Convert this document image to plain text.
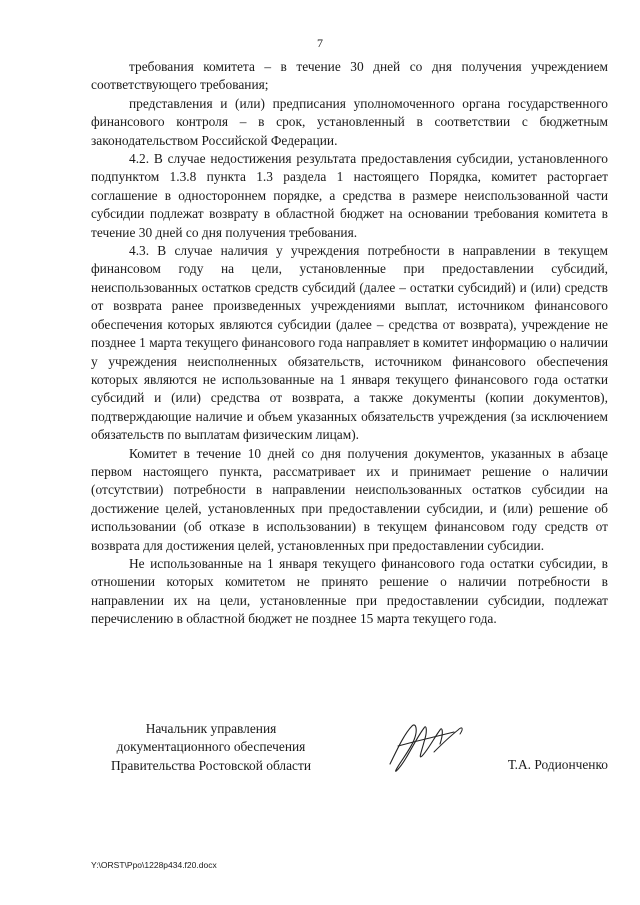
7

требования комитета – в течение 30 дней со дня получения учреждением соответствующего требования;

представления и (или) предписания уполномоченного органа государственного финансового контроля – в срок, установленный в соответствии с бюджетным законодательством Российской Федерации.

4.2. В случае недостижения результата предоставления субсидии, установленного подпунктом 1.3.8 пункта 1.3 раздела 1 настоящего Порядка, комитет расторгает соглашение в одностороннем порядке, а средства в размере неиспользованной части субсидии подлежат возврату в областной бюджет на основании требования комитета в течение 30 дней со дня получения требования.

4.3. В случае наличия у учреждения потребности в направлении в текущем финансовом году на цели, установленные при предоставлении субсидий, неиспользованных остатков средств субсидий (далее – остатки субсидий) и (или) средств от возврата ранее произведенных учреждениями выплат, источником финансового обеспечения которых являются субсидии (далее – средства от возврата), учреждение не позднее 1 марта текущего финансового года направляет в комитет информацию о наличии у учреждения неисполненных обязательств, источником финансового обеспечения которых являются не использованные на 1 января текущего финансового года остатки субсидий и (или) средства от возврата, а также документы (копии документов), подтверждающие наличие и объем указанных обязательств учреждения (за исключением обязательств по выплатам физическим лицам).

Комитет в течение 10 дней со дня получения документов, указанных в абзаце первом настоящего пункта, рассматривает их и принимает решение о наличии (отсутствии) потребности в направлении неиспользованных остатков субсидии на достижение целей, установленных при предоставлении субсидии, и (или) решение об использовании (об отказе в использовании) в текущем финансовом году средств от возврата для достижения целей, установленных при предоставлении субсидии.

Не использованные на 1 января текущего финансового года остатки субсидии, в отношении которых комитетом не принято решение о наличии потребности в направлении их на цели, установленные при предоставлении субсидии, подлежат перечислению в областной бюджет не позднее 15 марта текущего года.

Начальник управления
документационного обеспечения
Правительства Ростовской области	Т.А. Родионченко
Y:\ORST\Ppo\1228p434.f20.docx
